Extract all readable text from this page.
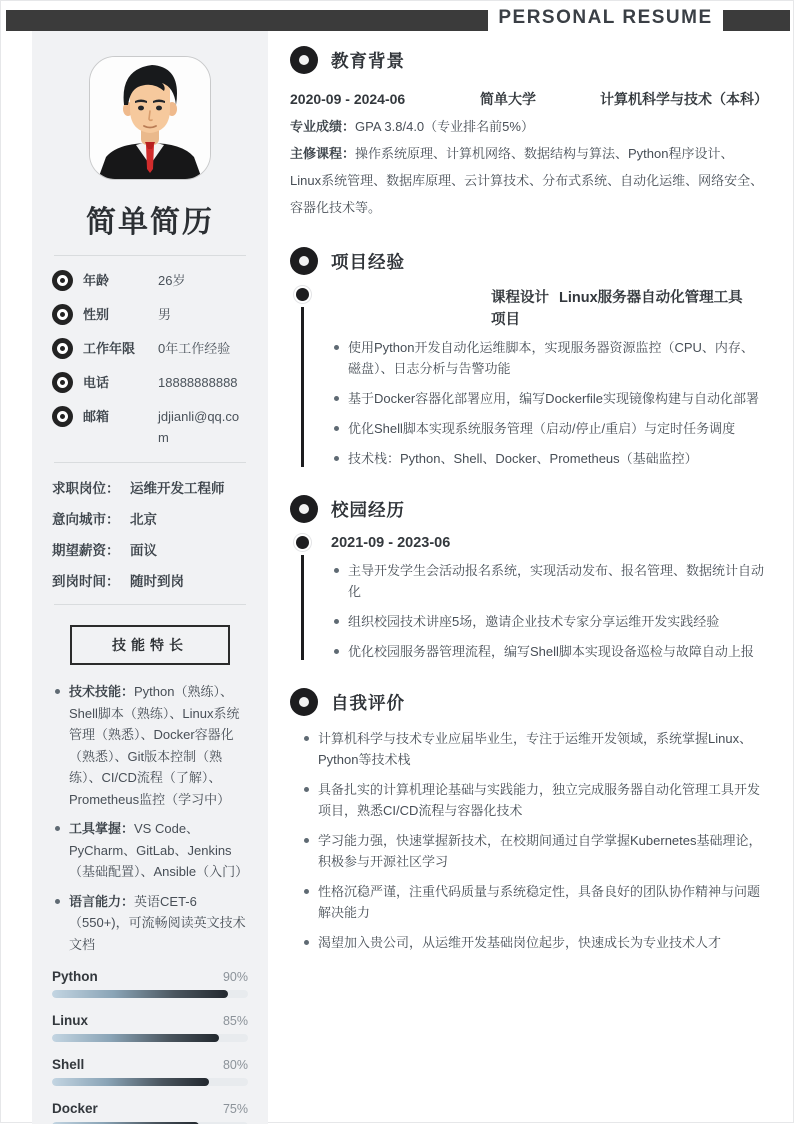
PERSONAL RESUME
简单简历
年龄	26岁
性别	男
工作年限	0年工作经验
电话	18888888888
邮箱	jdjianli@qq.com
求职岗位： 运维开发工程师
意向城市： 北京
期望薪资： 面议
到岗时间： 随时到岗
技能特长
技术技能：Python（熟练）、Shell脚本（熟练）、Linux系统管理（熟悉）、Docker容器化（熟悉）、Git版本控制（熟练）、CI/CD流程（了解）、Prometheus监控（学习中）
工具掌握：VS Code、PyCharm、GitLab、Jenkins（基础配置）、Ansible（入门）
语言能力：英语CET-6（550+)，可流畅阅读英文技术文档
Python	90%
Linux	85%
Shell	80%
Docker	75%
教育背景
2020-09 - 2024-06	简单大学	计算机科学与技术（本科）
专业成绩：GPA 3.8/4.0（专业排名前5%）
主修课程：操作系统原理、计算机网络、数据结构与算法、Python程序设计、Linux系统管理、数据库原理、云计算技术、分布式系统、自动化运维、网络安全、容器化技术等。
项目经验
课程设计项目
Linux服务器自动化管理工具
使用Python开发自动化运维脚本，实现服务器资源监控（CPU、内存、磁盘）、日志分析与告警功能
基于Docker容器化部署应用，编写Dockerfile实现镜像构建与自动化部署
优化Shell脚本实现系统服务管理（启动/停止/重启）与定时任务调度
技术栈：Python、Shell、Docker、Prometheus（基础监控）
校园经历
2021-09 - 2023-06
主导开发学生会活动报名系统，实现活动发布、报名管理、数据统计自动化
组织校园技术讲座5场，邀请企业技术专家分享运维开发实践经验
优化校园服务器管理流程，编写Shell脚本实现设备巡检与故障自动上报
自我评价
计算机科学与技术专业应届毕业生，专注于运维开发领域，系统掌握Linux、Python等技术栈
具备扎实的计算机理论基础与实践能力，独立完成服务器自动化管理工具开发项目，熟悉CI/CD流程与容器化技术
学习能力强，快速掌握新技术，在校期间通过自学掌握Kubernetes基础理论，积极参与开源社区学习
性格沉稳严谨，注重代码质量与系统稳定性，具备良好的团队协作精神与问题解决能力
渴望加入贵公司，从运维开发基础岗位起步，快速成长为专业技术人才
